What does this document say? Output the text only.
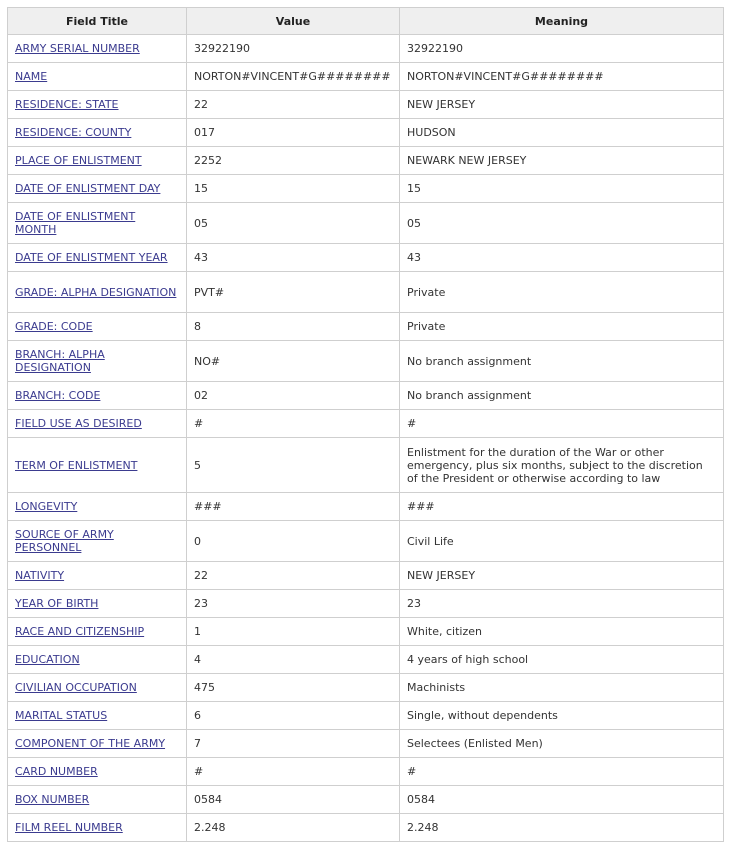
Field Title	Value	Meaning
ARMY SERIAL NUMBER	32922190	32922190
NAME	NORTON#VINCENT#G########	NORTON#VINCENT#G########
RESIDENCE: STATE	22	NEW JERSEY
RESIDENCE: COUNTY	017	HUDSON
PLACE OF ENLISTMENT	2252	NEWARK NEW JERSEY
DATE OF ENLISTMENT DAY	15	15
DATE OF ENLISTMENT MONTH	05	05
DATE OF ENLISTMENT YEAR	43	43
GRADE: ALPHA DESIGNATION	PVT#	Private
GRADE: CODE	8	Private
BRANCH: ALPHA DESIGNATION	NO#	No branch assignment
BRANCH: CODE	02	No branch assignment
FIELD USE AS DESIRED	#	#
TERM OF ENLISTMENT	5	Enlistment for the duration of the War or other emergency, plus six months, subject to the discretion of the President or otherwise according to law
LONGEVITY	###	###
SOURCE OF ARMY PERSONNEL	0	Civil Life
NATIVITY	22	NEW JERSEY
YEAR OF BIRTH	23	23
RACE AND CITIZENSHIP	1	White, citizen
EDUCATION	4	4 years of high school
CIVILIAN OCCUPATION	475	Machinists
MARITAL STATUS	6	Single, without dependents
COMPONENT OF THE ARMY	7	Selectees (Enlisted Men)
CARD NUMBER	#	#
BOX NUMBER	0584	0584
FILM REEL NUMBER	2.248	2.248
